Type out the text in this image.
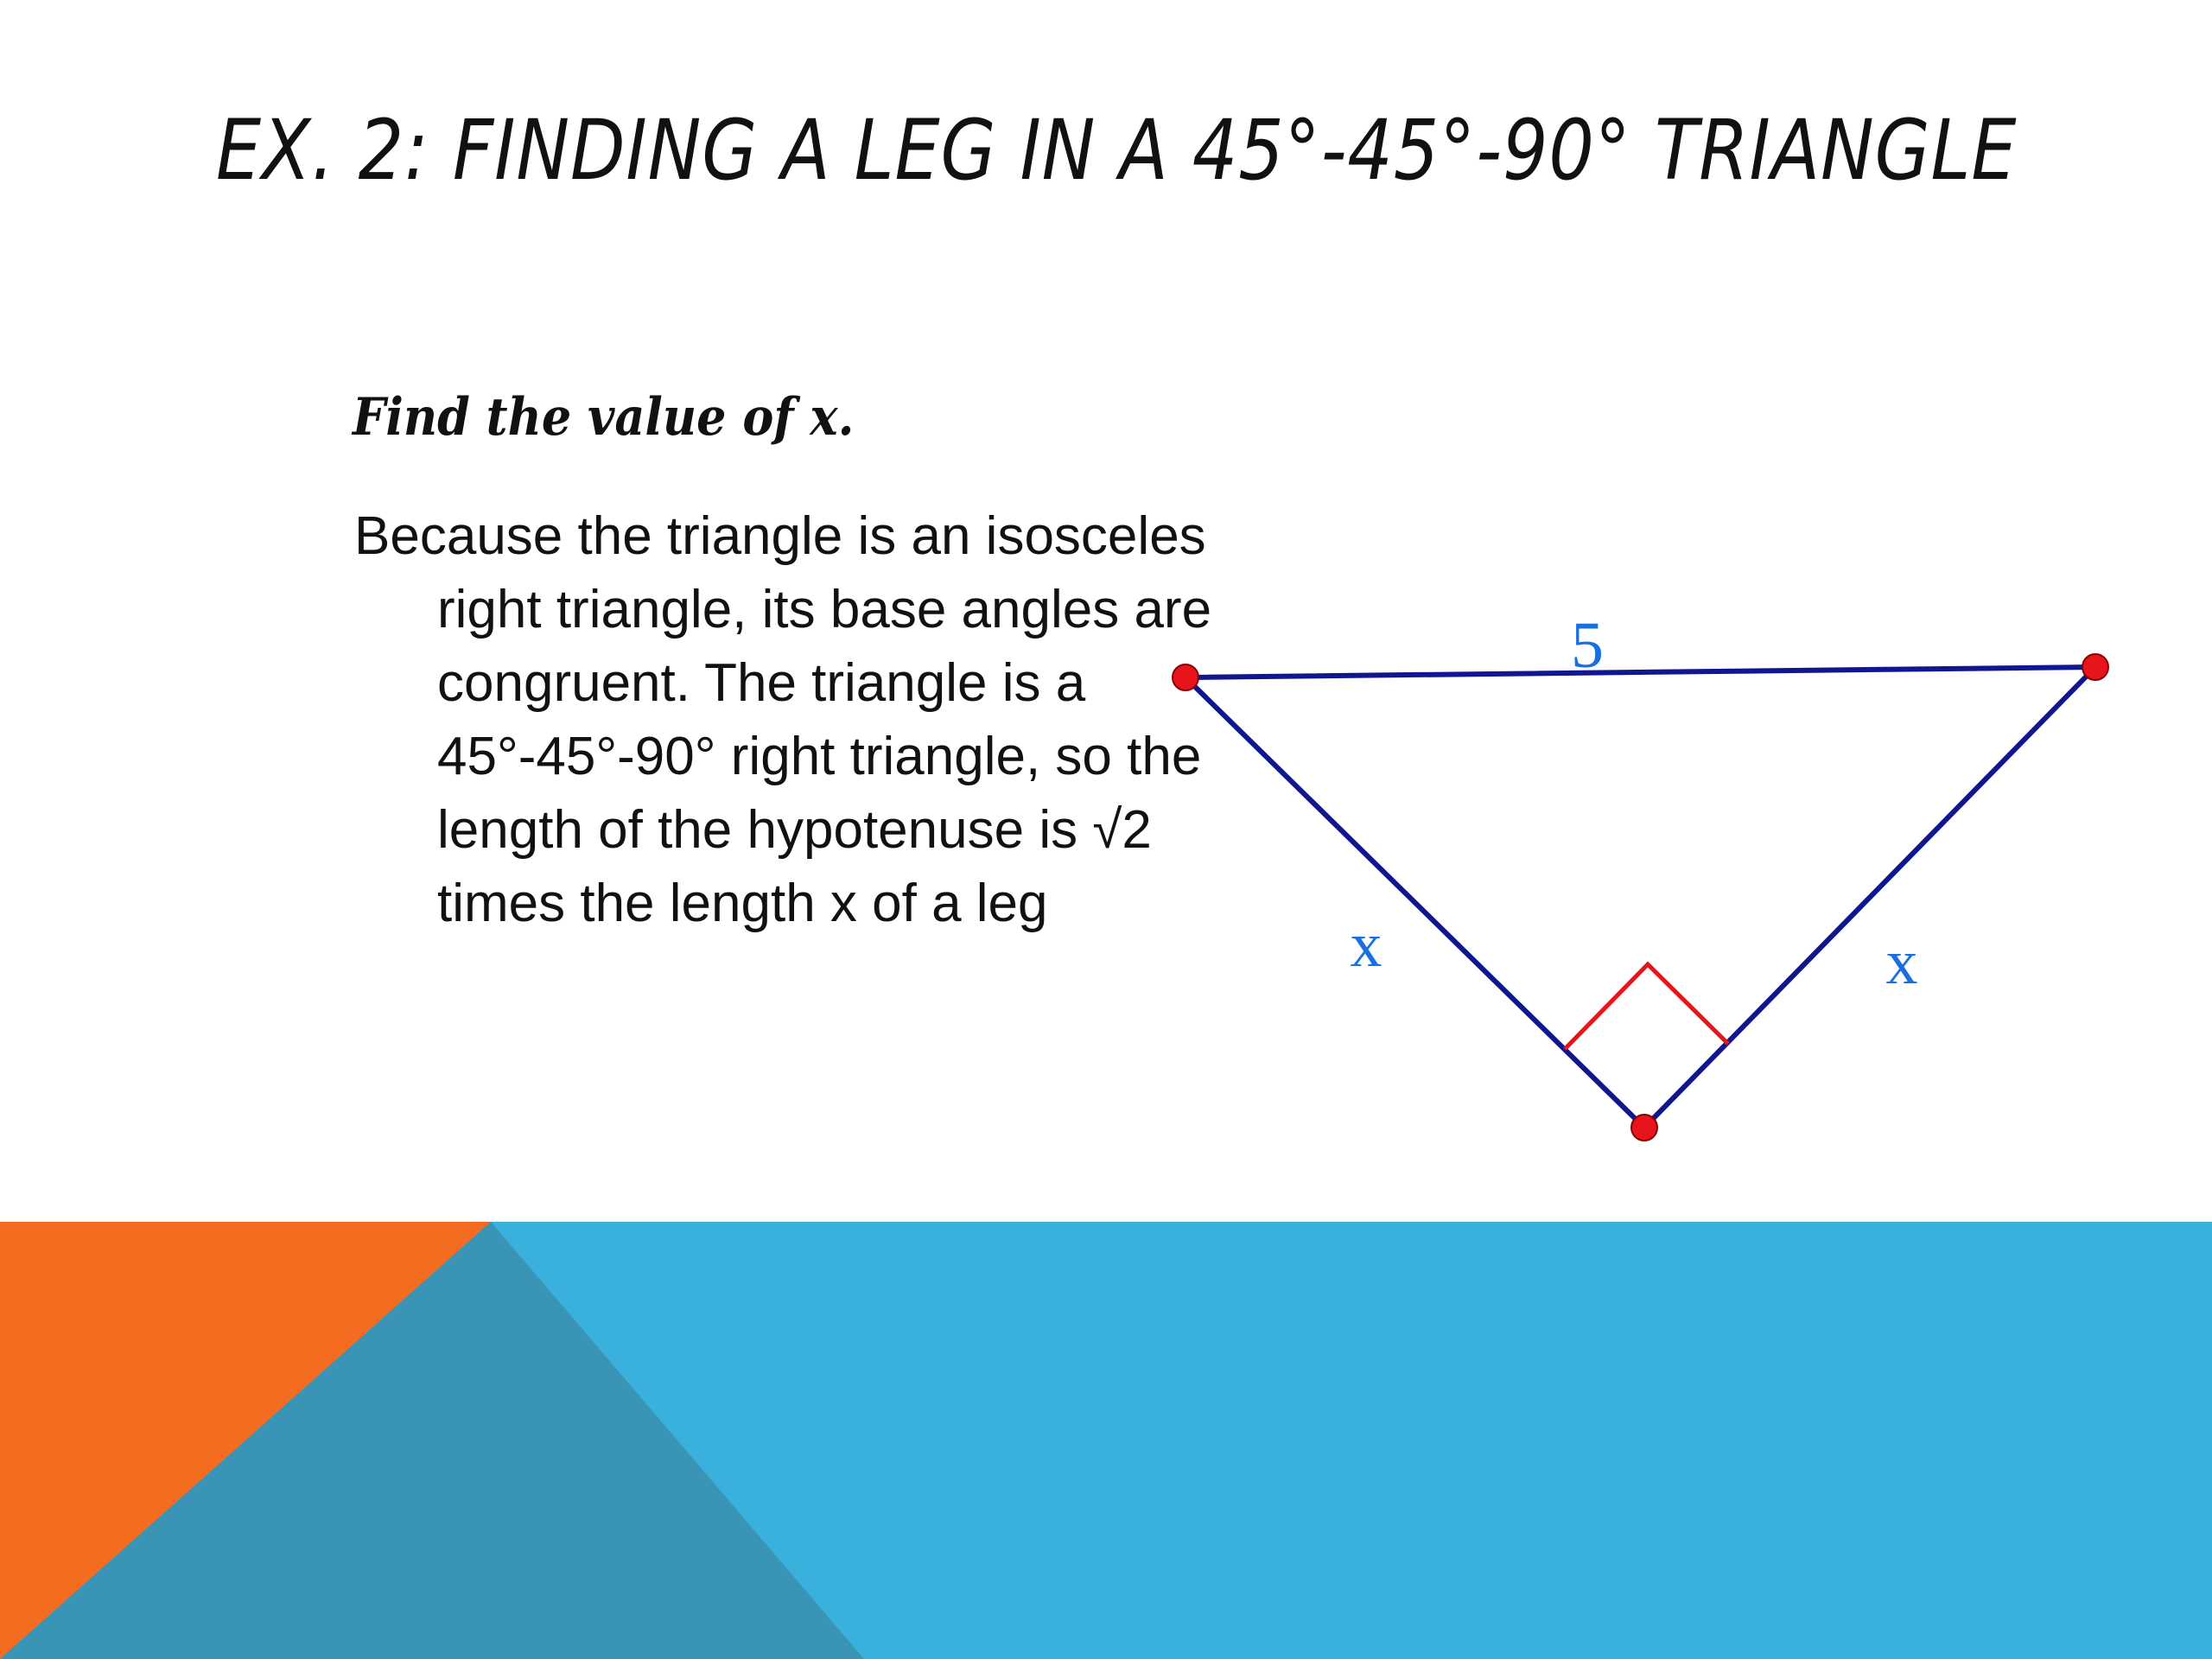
EX. 2: FINDING A LEG IN A 45°-45°-90° TRIANGLE
Find the value of x.
Because the triangle is an isosceles right triangle, its base angles are congruent. The triangle is a 45°-45°-90° right triangle, so the length of the hypotenuse is √2 times the length x of a leg
5
x	x
